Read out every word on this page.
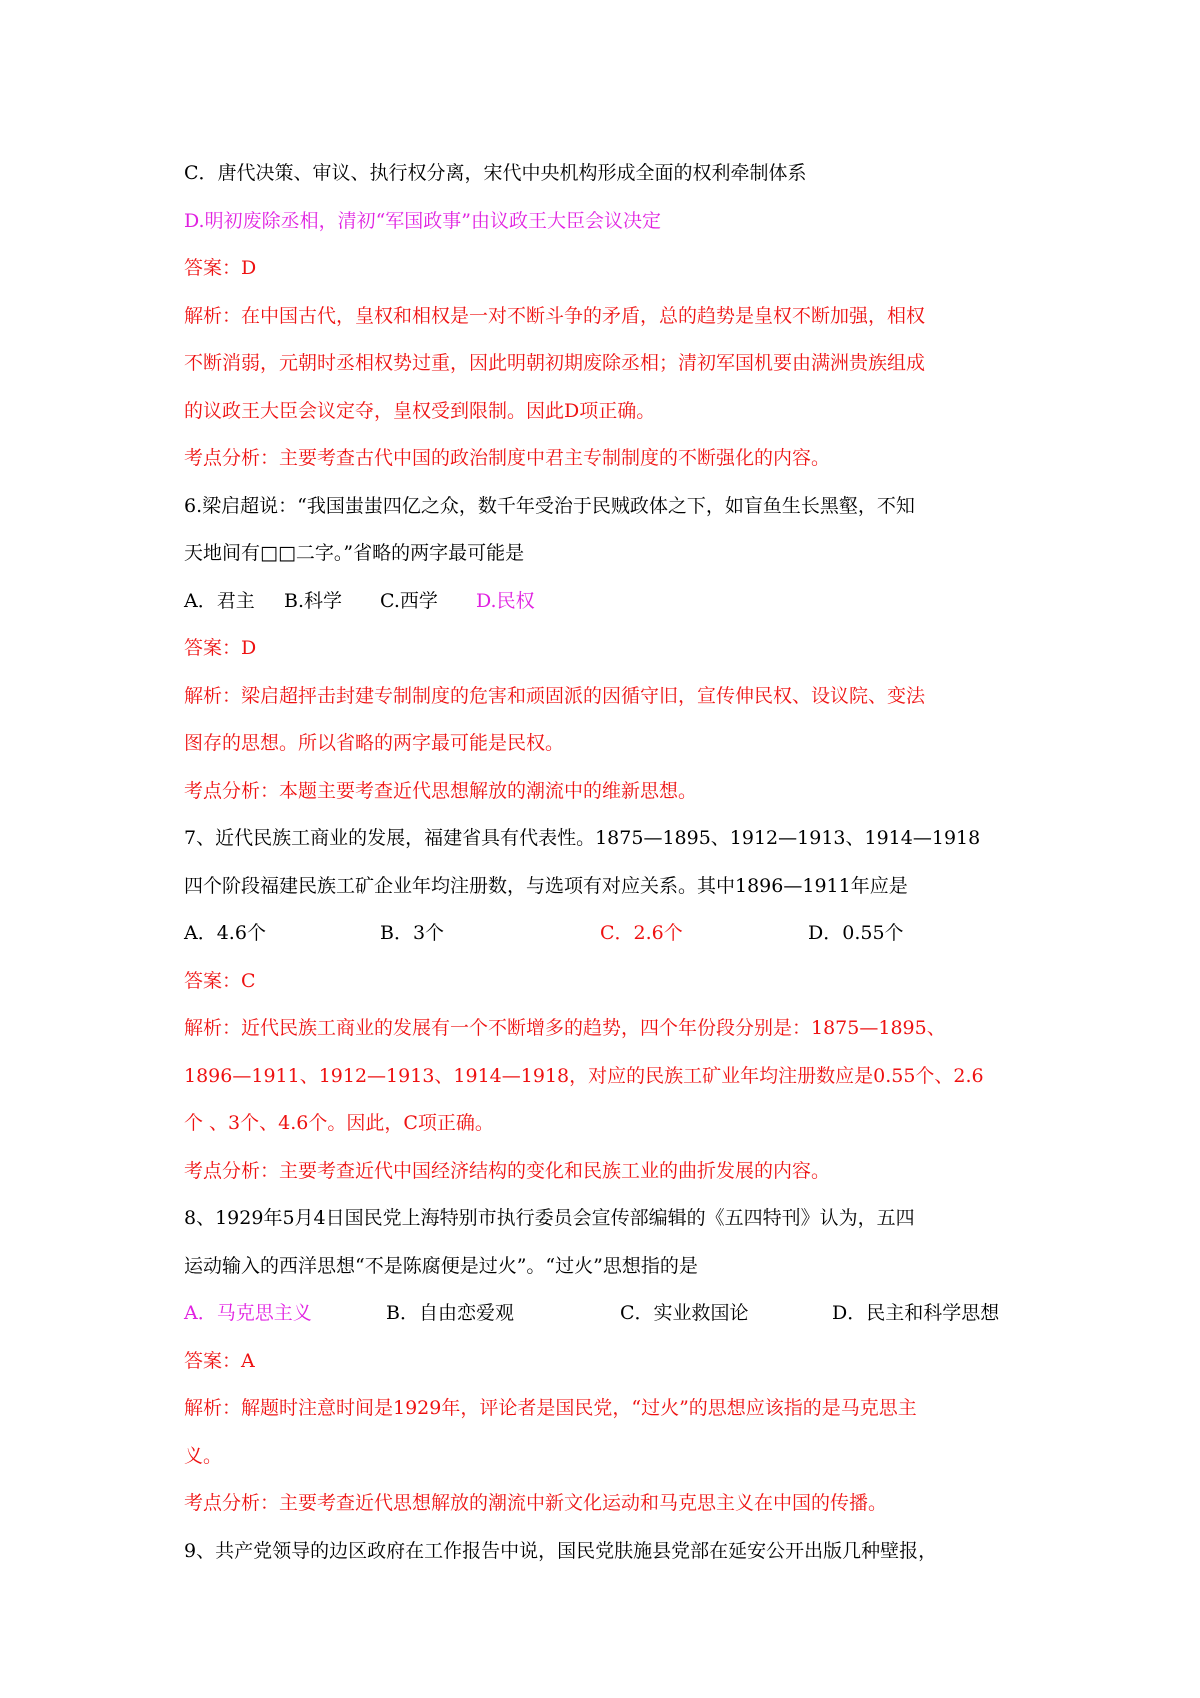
C．唐代决策、审议、执行权分离，宋代中央机构形成全面的权利牵制体系
D.明初废除丞相，清初“军国政事”由议政王大臣会议决定
答案：D
解析：在中国古代，皇权和相权是一对不断斗争的矛盾，总的趋势是皇权不断加强，相权
不断消弱，元朝时丞相权势过重，因此明朝初期废除丞相；清初军国机要由满洲贵族组成
的议政王大臣会议定夺，皇权受到限制。因此D项正确。
考点分析：主要考查古代中国的政治制度中君主专制制度的不断强化的内容。
6.梁启超说：“我国蚩蚩四亿之众，数千年受治于民贼政体之下，如盲鱼生长黑壑，不知
天地间有□□二字。”省略的两字最可能是
A．君主	B.科学	C.西学	D.民权
答案：D
解析：梁启超抨击封建专制制度的危害和顽固派的因循守旧，宣传伸民权、设议院、变法
图存的思想。所以省略的两字最可能是民权。
考点分析：本题主要考查近代思想解放的潮流中的维新思想。
7、近代民族工商业的发展，福建省具有代表性。1875—1895、1912—1913、1914—1918
四个阶段福建民族工矿企业年均注册数，与选项有对应关系。其中1896—1911年应是
A．4.6个	B．3个	C．2.6个	D．0.55个
答案：C
解析：近代民族工商业的发展有一个不断增多的趋势，四个年份段分别是：1875—1895、
1896—1911、1912—1913、1914—1918，对应的民族工矿业年均注册数应是0.55个、2.6
个 、3个、4.6个。因此，C项正确。
考点分析：主要考查近代中国经济结构的变化和民族工业的曲折发展的内容。
8、1929年5月4日国民党上海特别市执行委员会宣传部编辑的《五四特刊》认为，五四
运动输入的西洋思想“不是陈腐便是过火”。“过火”思想指的是
A．马克思主义	B．自由恋爱观	C．实业救国论	D．民主和科学思想
答案：A
解析：解题时注意时间是1929年，评论者是国民党，“过火”的思想应该指的是马克思主
义。
考点分析：主要考查近代思想解放的潮流中新文化运动和马克思主义在中国的传播。
9、共产党领导的边区政府在工作报告中说，国民党肤施县党部在延安公开出版几种壁报，
